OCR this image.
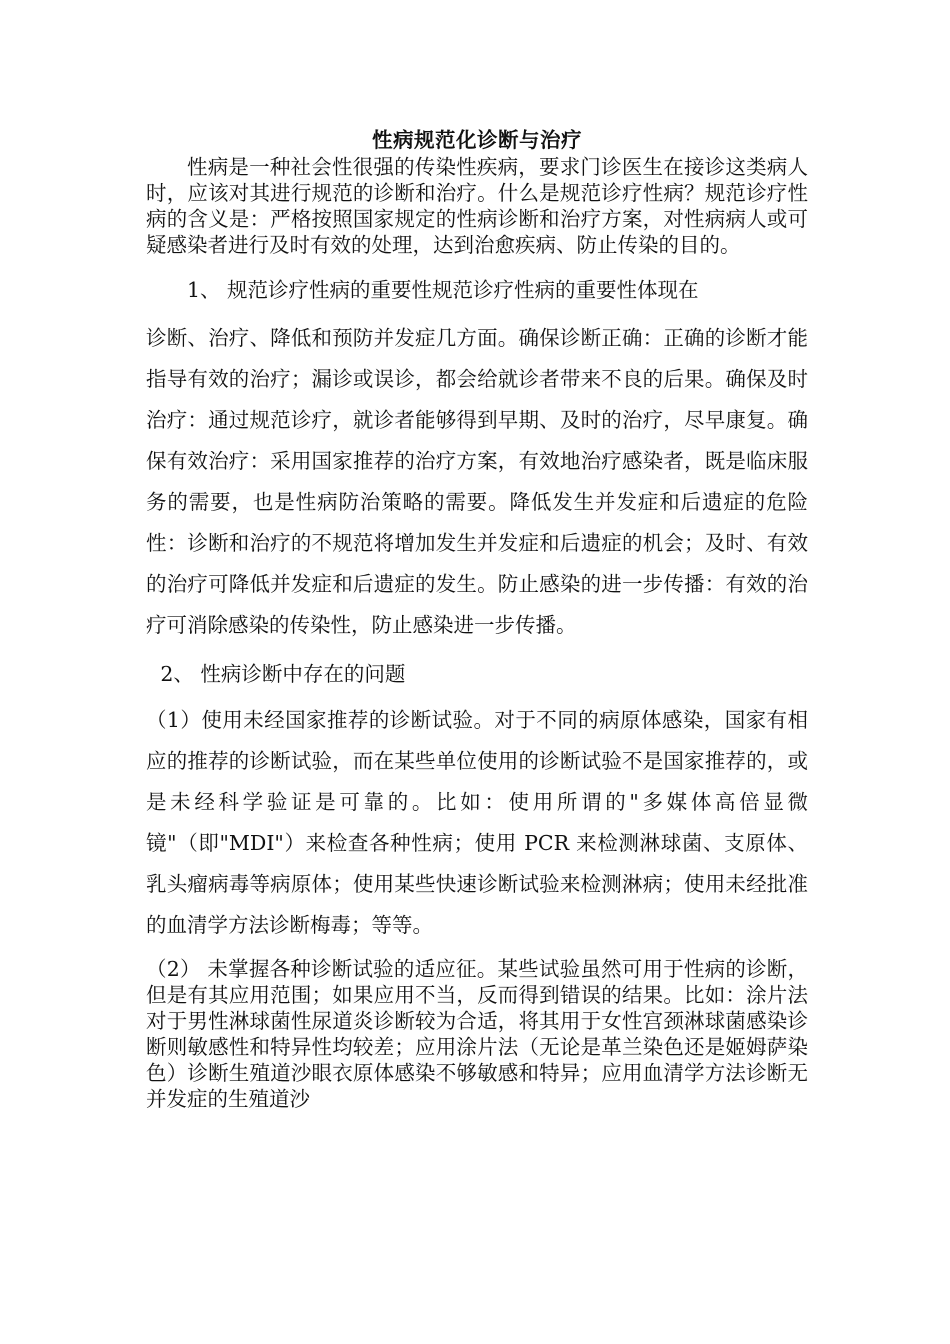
性病规范化诊断与治疗

性病是一种社会性很强的传染性疾病，要求门诊医生在接诊这类病人时，应该对其进行规范的诊断和治疗。什么是规范诊疗性病？规范诊疗性病的含义是：严格按照国家规定的性病诊断和治疗方案，对性病病人或可疑感染者进行及时有效的处理，达到治愈疾病、防止传染的目的。

1、 规范诊疗性病的重要性规范诊疗性病的重要性体现在

诊断、治疗、降低和预防并发症几方面。确保诊断正确：正确的诊断才能指导有效的治疗；漏诊或误诊，都会给就诊者带来不良的后果。确保及时治疗：通过规范诊疗，就诊者能够得到早期、及时的治疗，尽早康复。确保有效治疗：采用国家推荐的治疗方案，有效地治疗感染者，既是临床服务的需要，也是性病防治策略的需要。降低发生并发症和后遗症的危险性：诊断和治疗的不规范将增加发生并发症和后遗症的机会；及时、有效的治疗可降低并发症和后遗症的发生。防止感染的进一步传播：有效的治疗可消除感染的传染性，防止感染进一步传播。

2、 性病诊断中存在的问题

（1）使用未经国家推荐的诊断试验。对于不同的病原体感染，国家有相应的推荐的诊断试验，而在某些单位使用的诊断试验不是国家推荐的，或是未经科学验证是可靠的。比如：使用所谓的"多媒体高倍显微镜"（即"MDI"）来检查各种性病；使用 PCR 来检测淋球菌、支原体、乳头瘤病毒等病原体；使用某些快速诊断试验来检测淋病；使用未经批准的血清学方法诊断梅毒；等等。

（2） 未掌握各种诊断试验的适应征。某些试验虽然可用于性病的诊断，但是有其应用范围；如果应用不当，反而得到错误的结果。比如：涂片法对于男性淋球菌性尿道炎诊断较为合适，将其用于女性宫颈淋球菌感染诊断则敏感性和特异性均较差；应用涂片法（无论是革兰染色还是姬姆萨染色）诊断生殖道沙眼衣原体感染不够敏感和特异；应用血清学方法诊断无并发症的生殖道沙
